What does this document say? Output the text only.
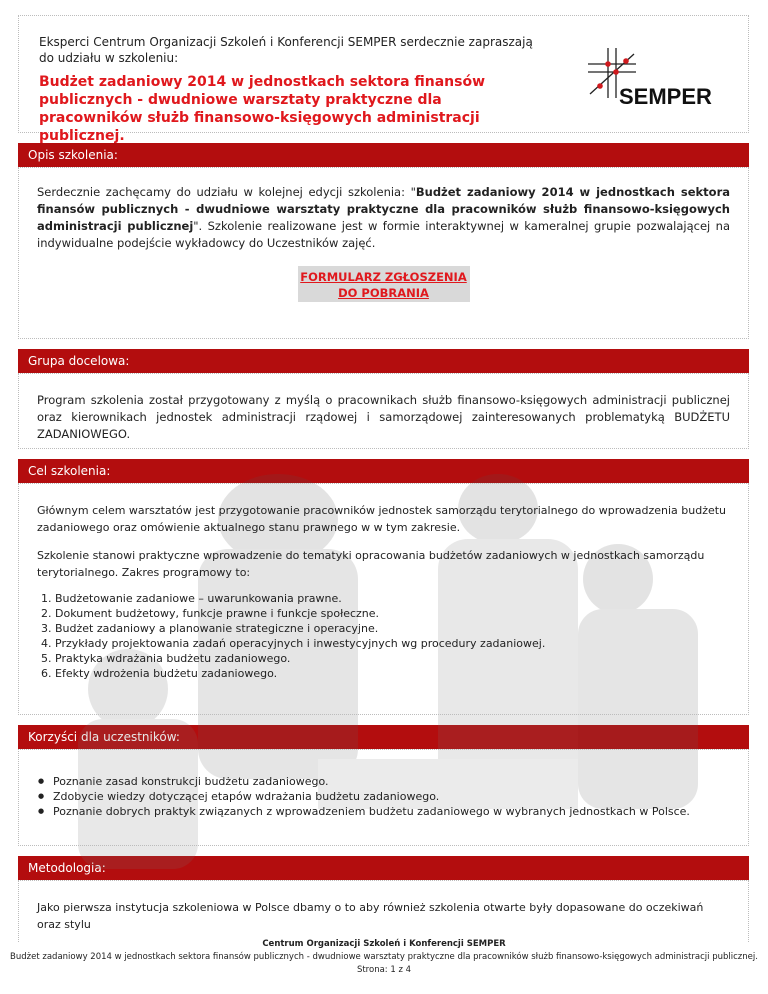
Eksperci Centrum Organizacji Szkoleń i Konferencji SEMPER serdecznie zapraszają do udziału w szkoleniu:
Budżet zadaniowy 2014 w jednostkach sektora finansów publicznych - dwudniowe warsztaty praktyczne dla pracowników służb finansowo-księgowych administracji publicznej.
SEMPER
Opis szkolenia:

Serdecznie zachęcamy do udziału w kolejnej edycji szkolenia: "Budżet zadaniowy 2014 w jednostkach sektora finansów publicznych - dwudniowe warsztaty praktyczne dla pracowników służb finansowo-księgowych administracji publicznej". Szkolenie realizowane jest w formie interaktywnej w kameralnej grupie pozwalającej na indywidualne podejście wykładowcy do Uczestników zajęć.

FORMULARZ ZGŁOSZENIA
DO POBRANIA
Grupa docelowa:

Program szkolenia został przygotowany z myślą o pracownikach służb finansowo-księgowych administracji publicznej oraz kierownikach jednostek administracji rządowej i samorządowej zainteresowanych problematyką BUDŻETU ZADANIOWEGO.

Cel szkolenia:

Głównym celem warsztatów jest przygotowanie pracowników jednostek samorządu terytorialnego do wprowadzenia budżetu zadaniowego oraz omówienie aktualnego stanu prawnego w w tym zakresie.

Szkolenie stanowi praktyczne wprowadzenie do tematyki opracowania budżetów zadaniowych w jednostkach samorządu terytorialnego. Zakres programowy to:

1. Budżetowanie zadaniowe – uwarunkowania prawne.
2. Dokument budżetowy, funkcje prawne i funkcje społeczne.
3. Budżet zadaniowy a planowanie strategiczne i operacyjne.
4. Przykłady projektowania zadań operacyjnych i inwestycyjnych wg procedury zadaniowej.
5. Praktyka wdrażania budżetu zadaniowego.
6. Efekty wdrożenia budżetu zadaniowego.
Korzyści dla uczestników:
● Poznanie zasad konstrukcji budżetu zadaniowego.
● Zdobycie wiedzy dotyczącej etapów wdrażania budżetu zadaniowego.
● Poznanie dobrych praktyk związanych z wprowadzeniem budżetu zadaniowego w wybranych jednostkach w Polsce.
Metodologia:

Jako pierwsza instytucja szkoleniowa w Polsce dbamy o to aby również szkolenia otwarte były dopasowane do oczekiwań oraz stylu

Centrum Organizacji Szkoleń i Konferencji SEMPER
Budżet zadaniowy 2014 w jednostkach sektora finansów publicznych - dwudniowe warsztaty praktyczne dla pracowników służb finansowo-księgowych administracji publicznej.
Strona: 1 z 4
